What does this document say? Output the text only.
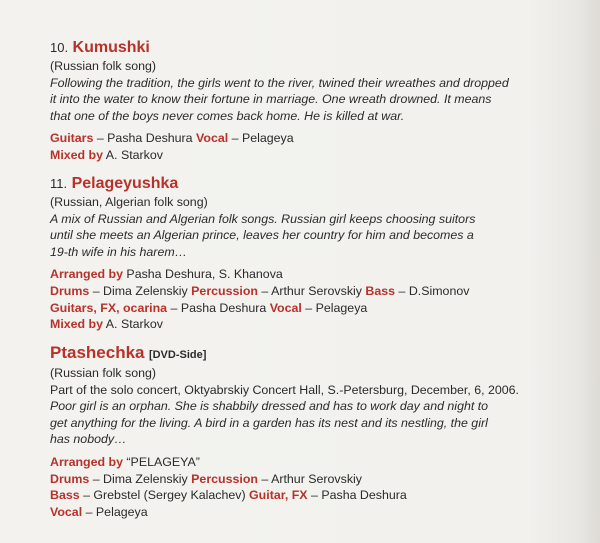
10. Kumushki
(Russian folk song)
Following the tradition, the girls went to the river, twined their wreathes and dropped
it into the water to know their fortune in marriage. One wreath drowned. It means
that one of the boys never comes back home. He is killed at war.
Guitars – Pasha Deshura Vocal – Pelageya
Mixed by A. Starkov
11. Pelageyushka
(Russian, Algerian folk song)
A mix of Russian and Algerian folk songs. Russian girl keeps choosing suitors
until she meets an Algerian prince, leaves her country for him and becomes a
19-th wife in his harem…
Arranged by Pasha Deshura, S. Khanova
Drums – Dima Zelenskiy Percussion – Arthur Serovskiy Bass – D.Simonov
Guitars, FX, ocarina – Pasha Deshura Vocal – Pelageya
Mixed by A. Starkov
Ptashechka [DVD-Side]
(Russian folk song)
Part of the solo concert, Oktyabrskiy Concert Hall, S.-Petersburg, December, 6, 2006.
Poor girl is an orphan. She is shabbily dressed and has to work day and night to
get anything for the living. A bird in a garden has its nest and its nestling, the girl
has nobody…
Arranged by “PELAGEYA”
Drums – Dima Zelenskiy Percussion – Arthur Serovskiy
Bass – Grebstel (Sergey Kalachev) Guitar, FX – Pasha Deshura
Vocal – Pelageya
